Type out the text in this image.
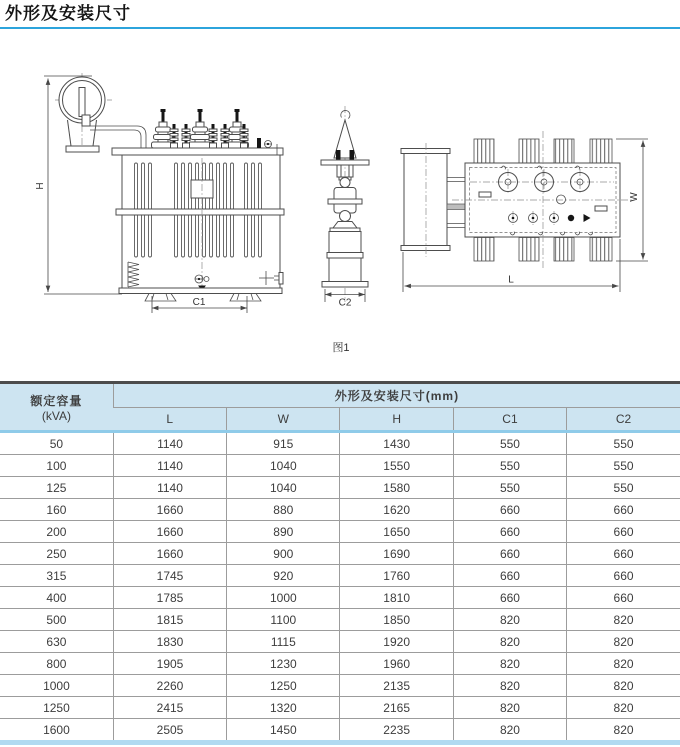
外形及安装尺寸
H
C1	C2
W
L
图1
额定容量
(kVA)	外形及安装尺寸(mm)				
	L	W	H	C1	C2
50	1140	915	1430	550	550
100	1140	1040	1550	550	550
125	1140	1040	1580	550	550
160	1660	880	1620	660	660
200	1660	890	1650	660	660
250	1660	900	1690	660	660
315	1745	920	1760	660	660
400	1785	1000	1810	660	660
500	1815	1100	1850	820	820
630	1830	1115	1920	820	820
800	1905	1230	1960	820	820
1000	2260	1250	2135	820	820
1250	2415	1320	2165	820	820
1600	2505	1450	2235	820	820
